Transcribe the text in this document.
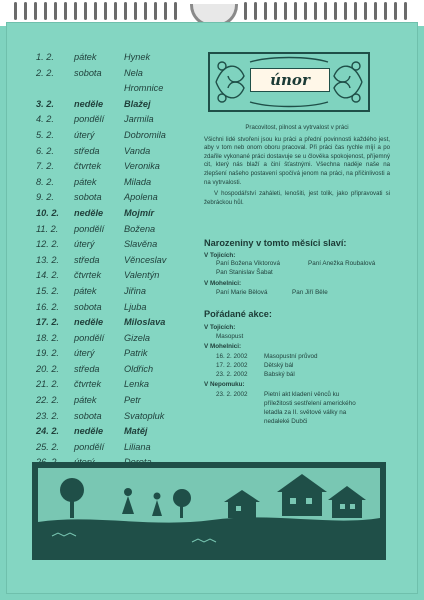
1. 2. pátek	Hynek
2. 2. sobota Nela
Hromnice
3. 2. neděle Blažej
4. 2. pondělí Jarmila
5. 2. úterý	Dobromila
6. 2. středa	Vanda
7. 2. čtvrtek Veronika
8. 2. pátek	Milada
9. 2. sobota Apolena
10. 2. neděle Mojmír
11. 2. pondělí Božena
12. 2. úterý	Slavěna
13. 2. středa	Věnceslav
14. 2. čtvrtek Valentýn
15. 2. pátek	Jiřina
16. 2. sobota Ljuba
17. 2. neděle Miloslava
18. 2. pondělí Gizela
19. 2. úterý	Patrik
20. 2. středa	Oldřich
21. 2. čtvrtek Lenka
22. 2. pátek	Petr
23. 2. sobota Svatopluk
24. 2. neděle Matěj
25. 2. pondělí Liliana
únor

Pracovitost, pilnost a vytrvalost v práci

Všichni lidé stvořeni jsou ku práci a přední povinnosti každého jest, aby v tom neb onom oboru pracoval. Při práci čas rychle míjí a po zdařile vykonané práci dostavuje se u člověka spokojenost, příjemný cit, který nás blaží a činí šťastnými. Všechna naděje naše na zlepšení našeho postavení spočívá jenom na práci, na přičinlivosti a na vytrvalosti.

V hospodářství zaháleti, lenošiti, jest tolik, jako připravovati si žebráckou hůl.

Narozeniny v tomto měsíci slaví:
V Tojicích:
Paní Božena Viktorová	Paní Anežka Roubalová
Pan Stanislav Šabat
V Mohelnici:
Paní Marie Bělová	Pan Jiří Běle
Pořádané akce:
V Tojicích:
Masopust
V Mohelnici:
16. 2. 2002	Masopustní průvod
17. 2. 2002	Dětský bál
23. 2. 2002	Babský bál
V Nepomuku:
23. 2. 2002	Pietní akt kladení věnců ku
příležitosti sestřelení amerického
letadla za II. světové války na
nedaleké Dubči
